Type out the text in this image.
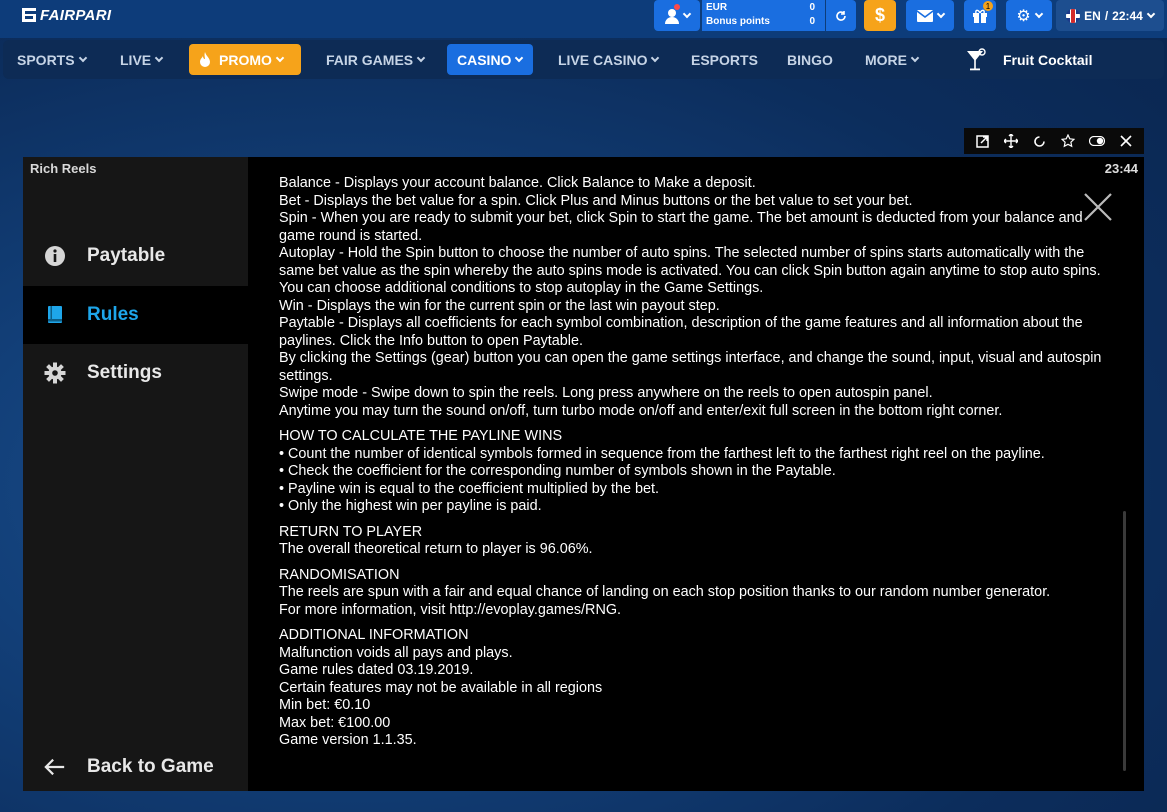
FAIRPARI	EUR	0
Bonus points	0	$	1
⚙	EN / 22:44
SPORTS	LIVE	PROMO	FAIR GAMES	CASINO	LIVE CASINO	ESPORTS BINGO MORE	Fruit Cocktail
Rich Reels
Paytable
Rules
Settings
Back to Game
23:44

Balance - Displays your account balance. Click Balance to Make a deposit.

Bet - Displays the bet value for a spin. Click Plus and Minus buttons or the bet value to set your bet.

Spin - When you are ready to submit your bet, click Spin to start the game. The bet amount is deducted from your balance and game round is started.

Autoplay - Hold the Spin button to choose the number of auto spins. The selected number of spins starts automatically with the same bet value as the spin whereby the auto spins mode is activated. You can click Spin button again anytime to stop auto spins. You can choose additional conditions to stop autoplay in the Game Settings.

Win - Displays the win for the current spin or the last win payout step.

Paytable - Displays all coefficients for each symbol combination, description of the game features and all information about the paylines. Click the Info button to open Paytable.

By clicking the Settings (gear) button you can open the game settings interface, and change the sound, input, visual and autospin settings.

Swipe mode - Swipe down to spin the reels. Long press anywhere on the reels to open autospin panel.

Anytime you may turn the sound on/off, turn turbo mode on/off and enter/exit full screen in the bottom right corner.

HOW TO CALCULATE THE PAYLINE WINS

• Count the number of identical symbols formed in sequence from the farthest left to the farthest right reel on the payline.

• Check the coefficient for the corresponding number of symbols shown in the Paytable.

• Payline win is equal to the coefficient multiplied by the bet.

• Only the highest win per payline is paid.

RETURN TO PLAYER

The overall theoretical return to player is 96.06%.

RANDOMISATION

The reels are spun with a fair and equal chance of landing on each stop position thanks to our random number generator.

For more information, visit http://evoplay.games/RNG.

ADDITIONAL INFORMATION

Malfunction voids all pays and plays.

Game rules dated 03.19.2019.

Certain features may not be available in all regions

Min bet: €0.10

Max bet: €100.00

Game version 1.1.35.
